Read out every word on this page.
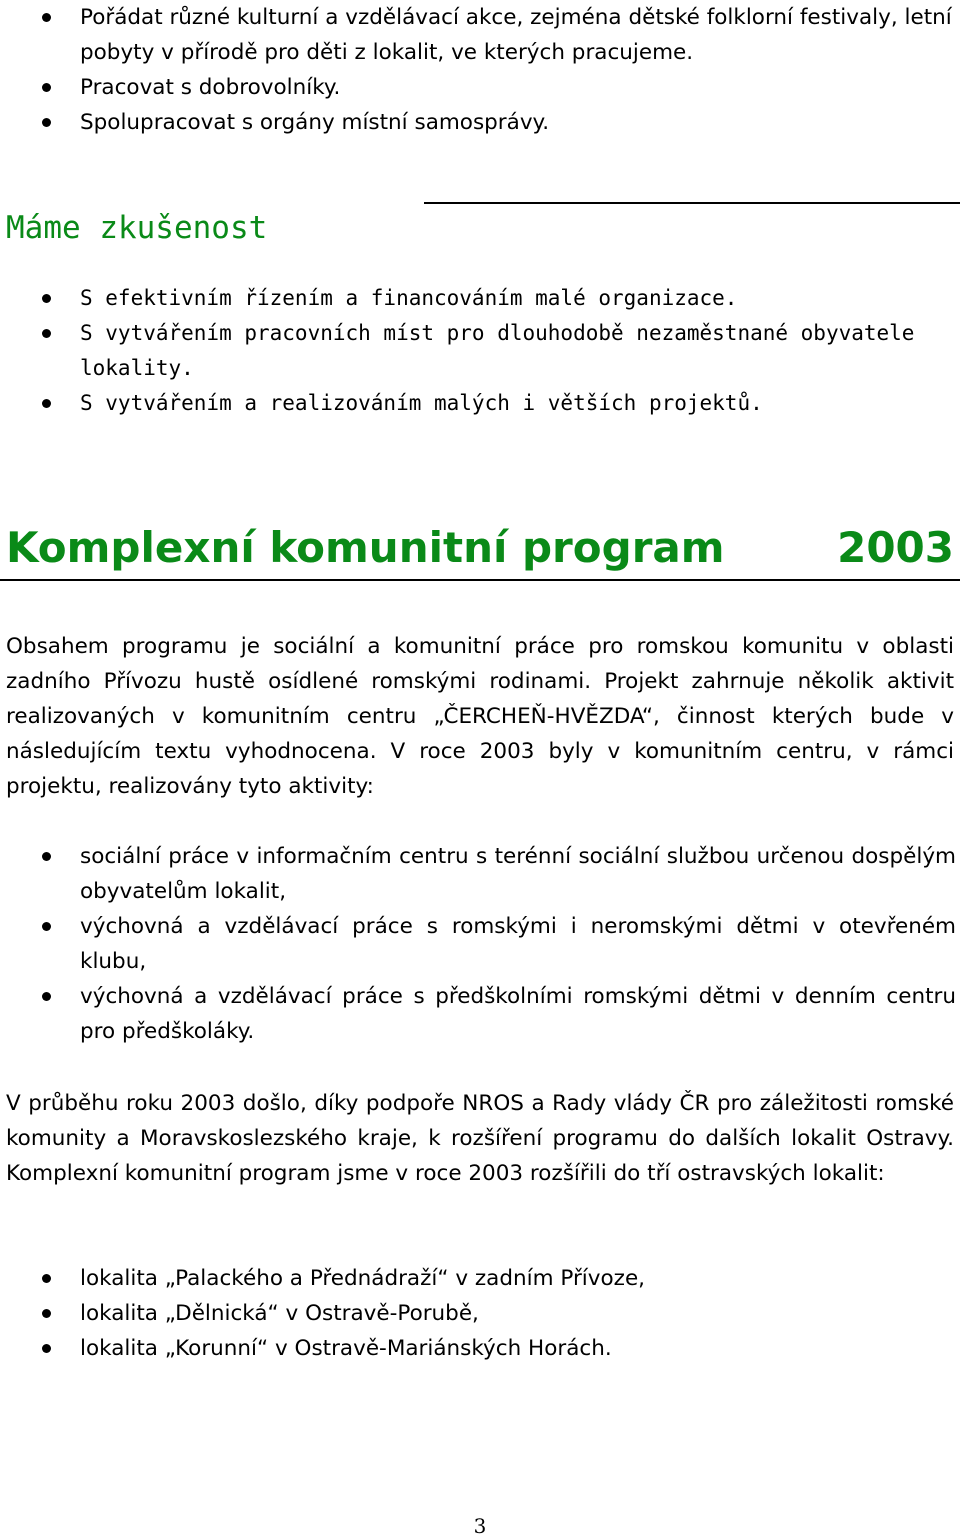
Pořádat různé kulturní a vzdělávací akce, zejména dětské folklorní festivaly, letní pobyty v přírodě pro děti z lokalit, ve kterých pracujeme.
Pracovat s dobrovolníky.
Spolupracovat s orgány místní samosprávy.
Máme zkušenost
S efektivním řízením a financováním malé organizace.
S vytvářením pracovních míst pro dlouhodobě nezaměstnané obyvatele lokality.
S vytvářením a realizováním malých i větších projektů.
Komplexní komunitní program	2003

Obsahem programu je sociální a komunitní práce pro romskou komunitu v oblasti zadního Přívozu hustě osídlené romskými rodinami. Projekt zahrnuje několik aktivit realizovaných v komunitním centru „ČERCHEŇ-HVĚZDA“, činnost kterých bude v následujícím textu vyhodnocena. V roce 2003 byly v komunitním centru, v rámci projektu, realizovány tyto aktivity:

sociální práce v informačním centru s terénní sociální službou určenou dospělým obyvatelům lokalit,
výchovná a vzdělávací práce s romskými i neromskými dětmi v otevřeném klubu,
výchovná a vzdělávací práce s předškolními romskými dětmi v denním centru pro předškoláky.

V průběhu roku 2003 došlo, díky podpoře NROS a Rady vlády ČR pro záležitosti romské komunity a Moravskoslezského kraje, k rozšíření programu do dalších lokalit Ostravy. Komplexní komunitní program jsme v roce 2003 rozšířili do tří ostravských lokalit:

lokalita „Palackého a Přednádraží“ v zadním Přívoze,
lokalita „Dělnická“ v Ostravě-Porubě,
lokalita „Korunní“ v Ostravě-Mariánských Horách.
3
